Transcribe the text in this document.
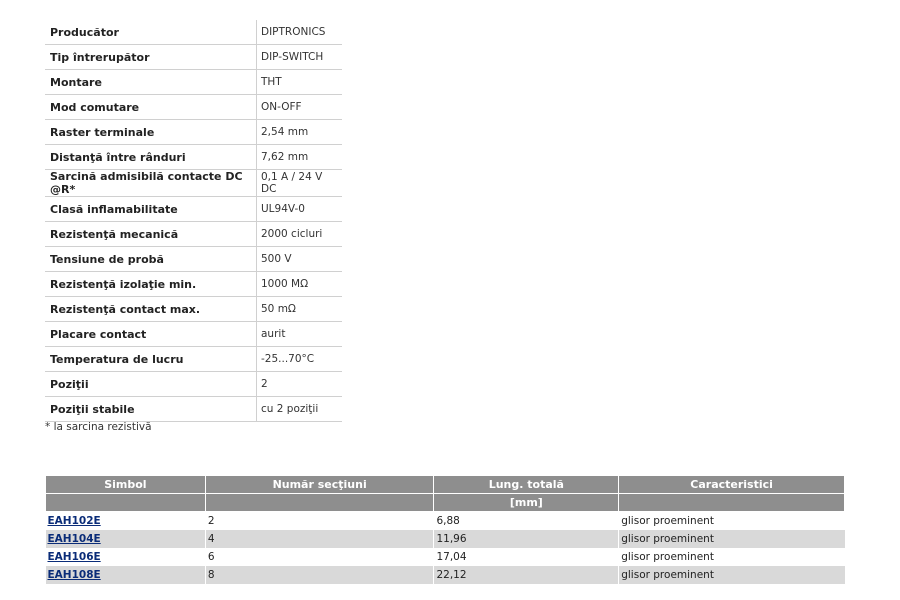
Producător	DIPTRONICS
Tip întrerupător	DIP-SWITCH
Montare	THT
Mod comutare	ON-OFF
Raster terminale	2,54 mm
Distanţă între rânduri	7,62 mm
Sarcină admisibilă contacte DC @R*	0,1 A / 24 V DC
Clasă inflamabilitate	UL94V-0
Rezistenţă mecanică	2000 cicluri
Tensiune de probă	500 V
Rezistenţă izolaţie min.	1000 MΩ
Rezistenţă contact max.	50 mΩ
Placare contact	aurit
Temperatura de lucru	-25...70°C
Poziţii	2
Poziţii stabile	cu 2 poziţii
* la sarcina rezistivă
Simbol	Număr secţiuni	Lung. totală	Caracteristici
		[mm]	
EAH102E	2	6,88	glisor proeminent
EAH104E	4	11,96	glisor proeminent
EAH106E	6	17,04	glisor proeminent
EAH108E	8	22,12	glisor proeminent
